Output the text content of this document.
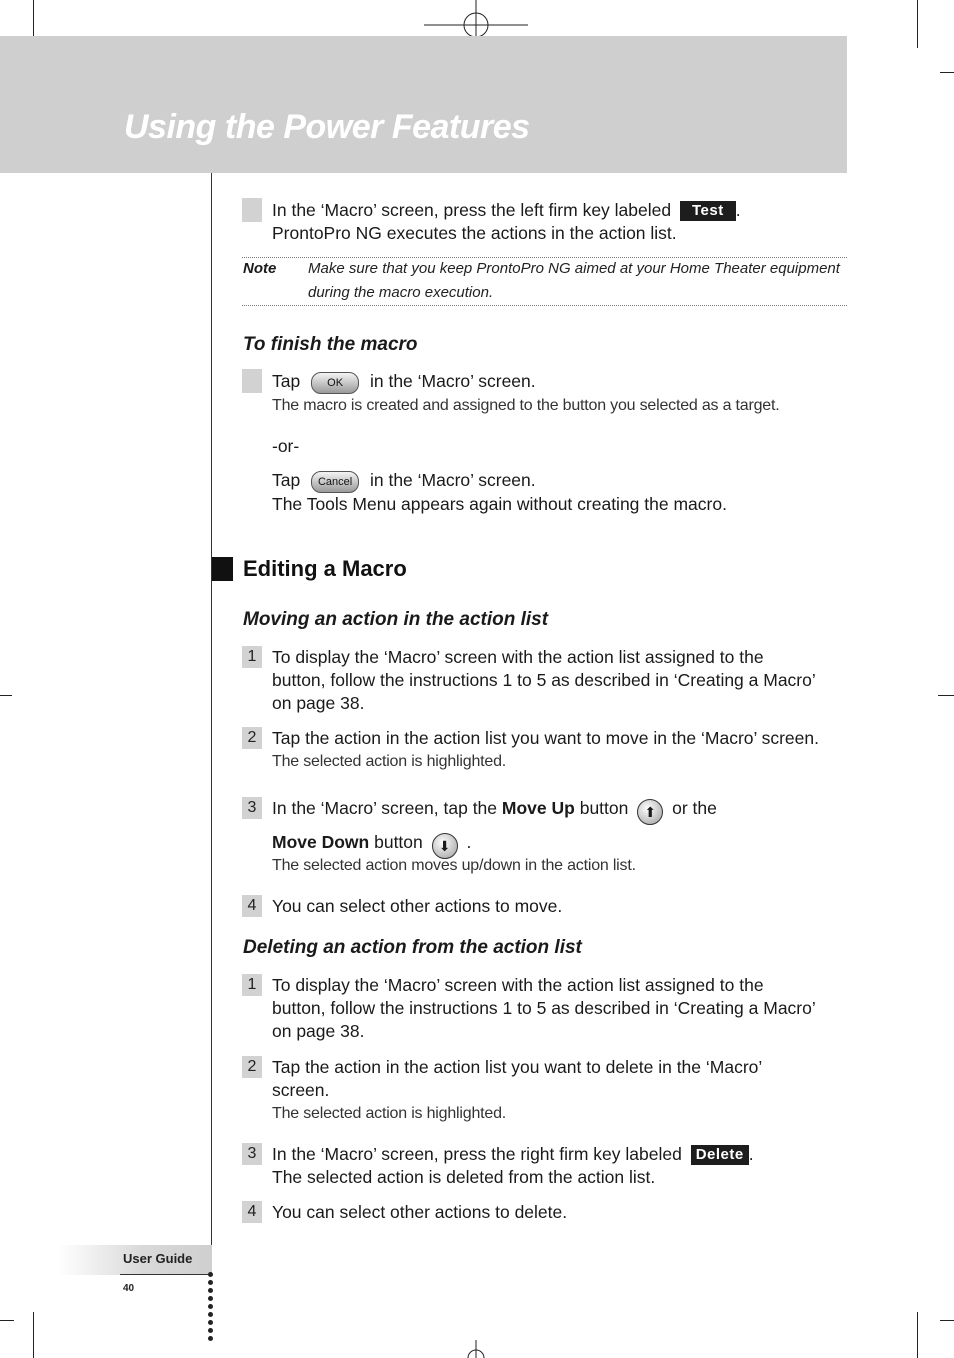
Using the Power Features
In the ‘Macro’ screen, press the left firm key labeled Test .
ProntoPro NG executes the actions in the action list.
Note Make sure that you keep ProntoPro NG aimed at your Home Theater equipment
during the macro execution.
To finish the macro
Tap OK in the ‘Macro’ screen.
The macro is created and assigned to the button you selected as a target.
-or-
Tap Cancel in the ‘Macro’ screen.
The Tools Menu appears again without creating the macro.
Editing a Macro
Moving an action in the action list
1 To display the ‘Macro’ screen with the action list assigned to the
button, follow the instructions 1 to 5 as described in ‘Creating a Macro’
on page 38.
2 Tap the action in the action list you want to move in the ‘Macro’ screen.
The selected action is highlighted.
3 In the ‘Macro’ screen, tap the Move Up button ⬆ or the
Move Down button ⬇ .
The selected action moves up/down in the action list.
4 You can select other actions to move.
Deleting an action from the action list
1 To display the ‘Macro’ screen with the action list assigned to the
button, follow the instructions 1 to 5 as described in ‘Creating a Macro’
on page 38.
2 Tap the action in the action list you want to delete in the ‘Macro’
screen.
The selected action is highlighted.
3 In the ‘Macro’ screen, press the right firm key labeled Delete .
The selected action is deleted from the action list.
4 You can select other actions to delete.
User Guide
40
